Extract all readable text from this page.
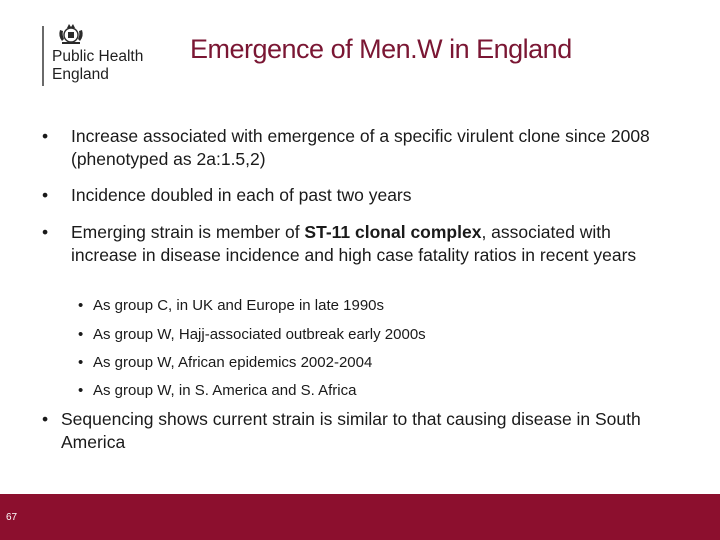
Public Health
England
Emergence of Men.W in England
• Increase associated with emergence of a specific virulent clone since 2008 (phenotyped as 2a:1.5,2)
• Incidence doubled in each of past two years
• Emerging strain is member of ST-11 clonal complex, associated with increase in disease incidence and high case fatality ratios in recent years
• As group C, in UK and Europe in late 1990s
• As group W, Hajj-associated outbreak early 2000s
• As group W, African epidemics 2002-2004
• As group W, in S. America and S. Africa
• Sequencing shows current strain is similar to that causing disease in South America
67
